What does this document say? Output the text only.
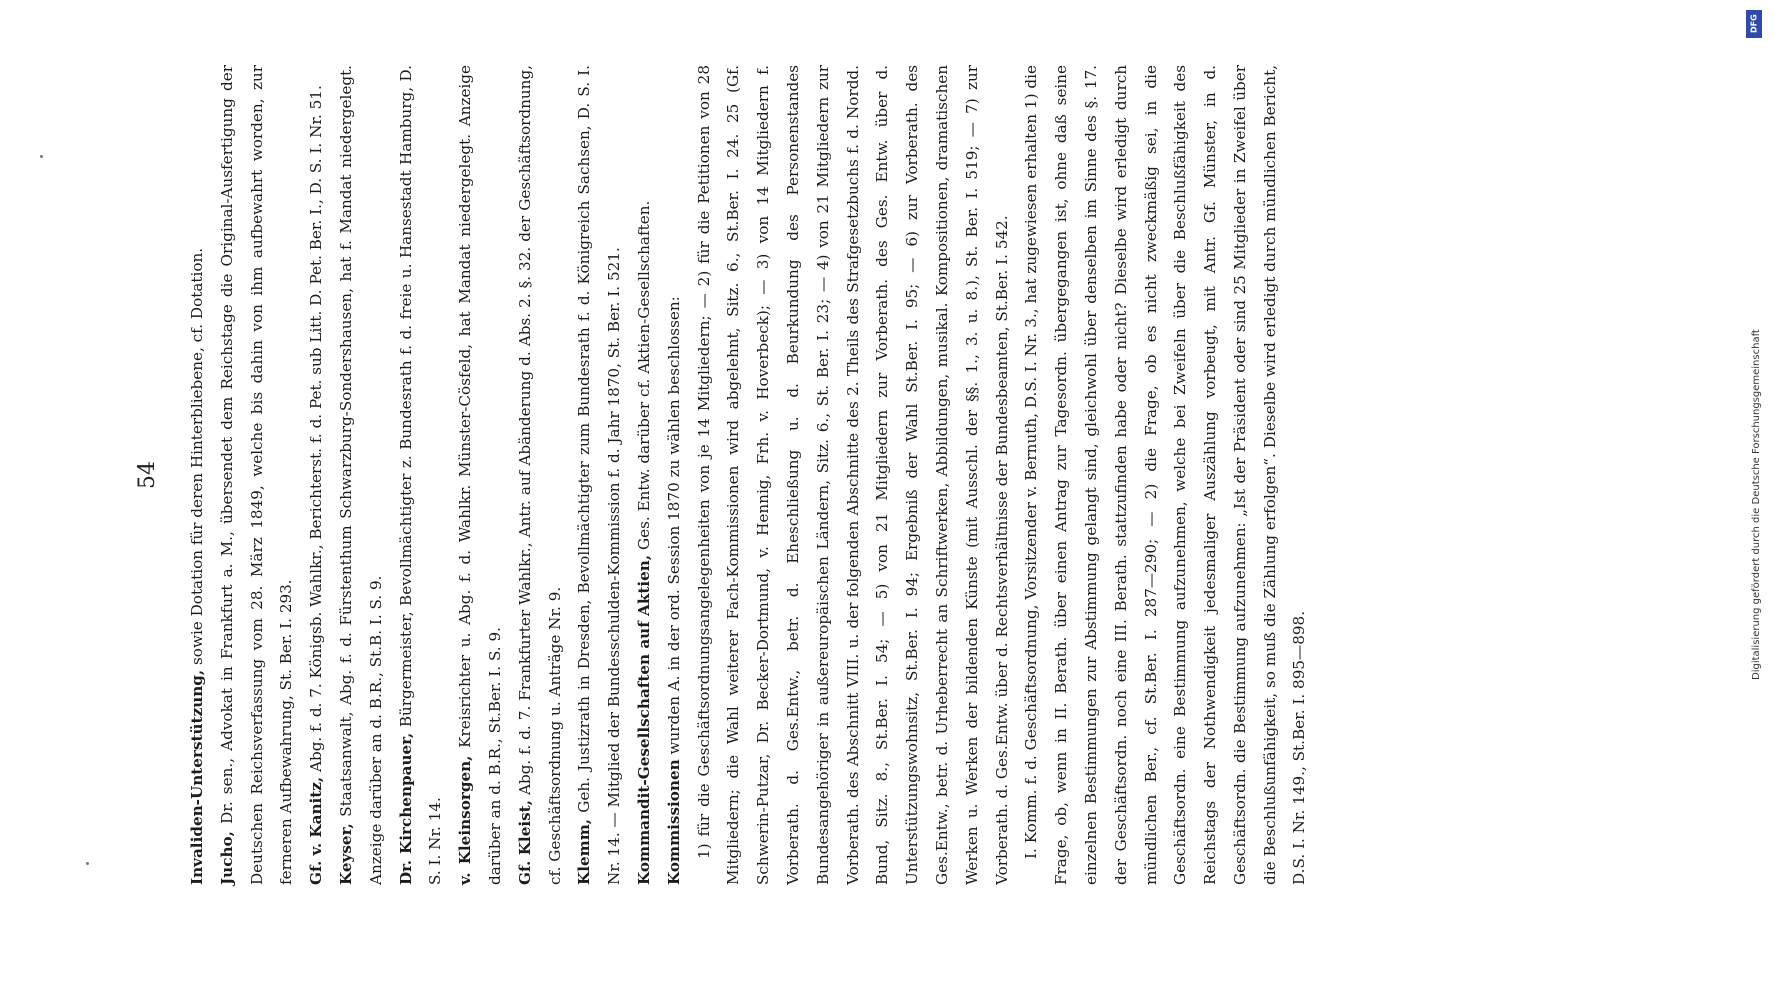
54

Invaliden-Unterstützung, sowie Dotation für deren Hinterbliebene, cf. Dotation.

Jucho, Dr. sen., Advokat in Frankfurt a. M., übersendet dem Reichstage die Original-Ausfertigung der Deutschen Reichsverfassung vom 28. März 1849, welche bis dahin von ihm aufbewahrt worden, zur ferneren Aufbewahrung, St. Ber. I. 293. Gf. v. Kanitz, Abg. f. d. 7. Königsb. Wahlkr., Berichterst. f. d. Pet. sub Litt. D. Pet. Ber. I., D. S. I. Nr. 51.

Keyser, Staatsanwalt, Abg. f. d. Fürstenthum Schwarzburg-Sondershausen, hat f. Mandat niedergelegt. Anzeige darüber an d. B.R., St.B. I. S. 9. Dr. Kirchenpauer, Bürgermeister, Bevollmächtigter z. Bundesrath f. d. freie u. Hansestadt Hamburg, D. S. I. Nr. 14. v. Kleinsorgen, Kreisrichter u. Abg. f. d. Wahlkr. Münster-Cösfeld, hat Mandat niedergelegt. Anzeige darüber an d. B.R., St.Ber. I. S. 9. Gf. Kleist, Abg. f. d. 7. Frankfurter Wahlkr., Antr. auf Abänderung d. Abs. 2. §. 32. der Geschäftsordnung, cf. Geschäftsordnung u. Anträge Nr. 9. Klemm, Geh. Justizrath in Dresden, Bevollmächtigter zum Bundesrath f. d. Königreich Sachsen, D. S. I. Nr. 14. — Mitglied der Bundesschulden-Kommission f. d. Jahr 1870, St. Ber. I. 521. Kommandit-Gesellschaften auf Aktien, Ges. Entw. darüber cf. Aktien-Gesellschaften.

Kommissionen wurden A. in der ord. Session 1870 zu wählen beschlossen: 1) für die Geschäftsordnungsangelegenheiten von je 14 Mitgliedern; — 2) für die Petitionen von 28 Mitgliedern; die Wahl weiterer Fach-Kommissionen wird abgelehnt, Sitz. 6., St.Ber. I. 24. 25 (Gf. Schwerin-Putzar, Dr. Becker-Dortmund, v. Hennig, Frh. v. Hoverbeck); — 3) von 14 Mitgliedern f. Vorberath. d. Ges.Entw., betr. d. Eheschließung u. d. Beurkundung des Personenstandes Bundesangehöriger in außereuropäischen Ländern, Sitz. 6., St. Ber. I. 23; — 4) von 21 Mitgliedern zur Vorberath. des Abschnitt VIII. u. der folgenden Abschnitte des 2. Theils des Strafgesetzbuchs f. d. Nordd. Bund, Sitz. 8., St.Ber. I. 54; — 5) von 21 Mitgliedern zur Vorberath. des Ges. Entw. über d. Unterstützungswohnsitz, St.Ber. I. 94; Ergebniß der Wahl St.Ber. I. 95; — 6) zur Vorberath. des Ges.Entw., betr. d. Urheberrecht an Schriftwerken, Abbildungen, musikal. Kompositionen, dramatischen Werken u. Werken der bildenden Künste (mit Ausschl. der §§. 1., 3. u. 8.), St. Ber. I. 519; — 7) zur Vorberath. d. Ges.Entw. über d. Rechtsverhältnisse der Bundesbeamten, St.Ber. I. 542. I. Komm. f. d. Geschäftsordnung, Vorsitzender v. Bernuth, D.S. I. Nr. 3., hat zugewiesen erhalten 1) die Frage, ob, wenn in II. Berath. über einen Antrag zur Tagesordn. übergegangen ist, ohne daß seine einzelnen Bestimmungen zur Abstimmung gelangt sind, gleichwohl über denselben im Sinne des §. 17. der Geschäftsordn. noch eine III. Berath. stattzufinden habe oder nicht? Dieselbe wird erledigt durch mündlichen Ber., cf. St.Ber. I. 287—290; — 2) die Frage, ob es nicht zweckmäßig sei, in die Geschäftsordn. eine Bestimmung aufzunehmen, welche bei Zweifeln über die Beschlußfähigkeit des Reichstags der Nothwendigkeit jedesmaliger Auszählung vorbeugt, mit Antr. Gf. Münster, in d. Geschäftsordn. die Bestimmung aufzunehmen: „Ist der Präsident oder sind 25 Mitglieder in Zweifel über die Beschlußunfähigkeit, so muß die Zählung erfolgen“. Dieselbe wird erledigt durch mündlichen Bericht, D.S. I. Nr. 149., St.Ber. I. 895—898.
DFG
Digitalisierung gefördert durch die Deutsche Forschungsgemeinschaft
